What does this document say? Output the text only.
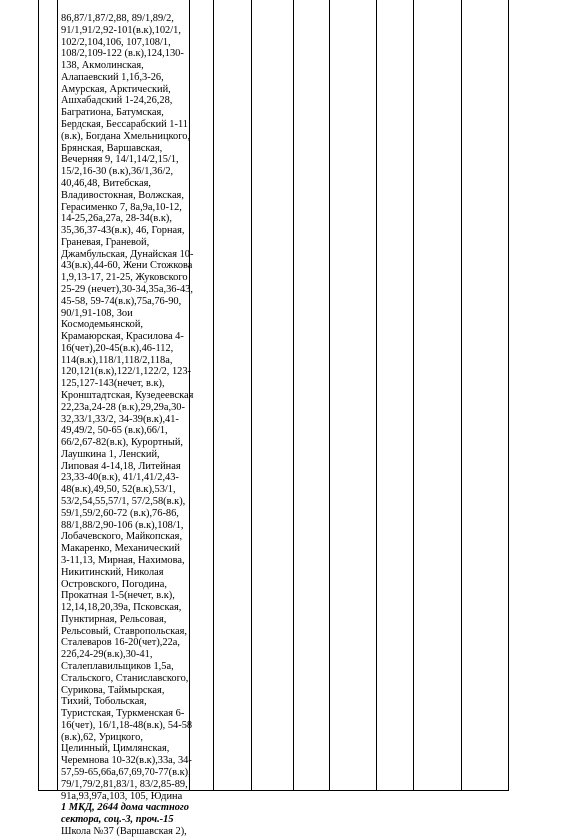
86,87/1,87/2,88, 89/1,89/2,
91/1,91/2,92-101(в.к),102/1,
102/2,104,106, 107,108/1,
108/2,109-122 (в.к),124,130-
138, Акмолинская,
Алапаевский 1,1б,3-26,
Амурская, Арктический,
Ашхабадский 1-24,26,28,
Багратиона, Батумская,
Бердская, Бессарабский 1-11
(в.к), Богдана Хмельницкого,
Брянская, Варшавская,
Вечерняя 9, 14/1,14/2,15/1,
15/2,16-30 (в.к),36/1,36/2,
40,46,48, Витебская,
Владивостокная, Волжская,
Герасименко 7, 8а,9а,10-12,
14-25,26а,27а, 28-34(в.к),
35,36,37-43(в.к), 46, Горная,
Граневая, Граневой,
Джамбульская, Дунайская 10-
43(в.к),44-60, Жени Стожкова
1,9,13-17, 21-25, Жуковского
25-29 (нечет),30-34,35а,36-43,
45-58, 59-74(в.к),75а,76-90,
90/1,91-108, Зои
Космодемьянской,
Крамаюрская, Красилова 4-
16(чет),20-45(в.к),46-112,
114(в.к),118/1,118/2,118а,
120,121(в.к),122/1,122/2, 123-
125,127-143(нечет, в.к),
Кронштадтская, Кузедеевская
22,23а,24-28 (в.к),29,29а,30-
32,33/1,33/2, 34-39(в.к),41-
49,49/2, 50-65 (в.к),66/1,
66/2,67-82(в.к), Курортный,
Лаушкина 1, Ленский,
Липовая 4-14,18, Литейная
23,33-40(в.к), 41/1,41/2,43-
48(в.к),49,50, 52(в.к),53/1,
53/2,54,55,57/1, 57/2,58(в.к),
59/1,59/2,60-72 (в.к),76-86,
88/1,88/2,90-106 (в.к),108/1,
Лобачевского, Майкопская,
Макаренко, Механический
3-11,13, Мирная, Нахимова,
Никитинский, Николая
Островского, Погодина,
Прокатная 1-5(нечет, в.к),
12,14,18,20,39а, Псковская,
Пунктирная, Рельсовая,
Рельсовый, Ставропольская,
Сталеваров 16-20(чет),22а,
22б,24-29(в.к),30-41,
Сталеплавильщиков 1,5а,
Стальского, Станиславского,
Сурикова, Таймырская,
Тихий, Тобольская,
Туристская, Туркменская 6-
16(чет), 16/1,18-48(в.к), 54-58
(в.к),62, Урицкого,
Целинный, Цимлянская,
Черемнова 10-32(в.к),33а, 34-
57,59-65,66а,67,69,70-77(в.к),
79/1,79/2,81,83/1, 83/2,85-89,
91а,93,97а,103, 105, Юдина
1 МКД, 2644 дома частного
сектора, соц.-3, проч.-15
Школа №37 (Варшавская 2),
